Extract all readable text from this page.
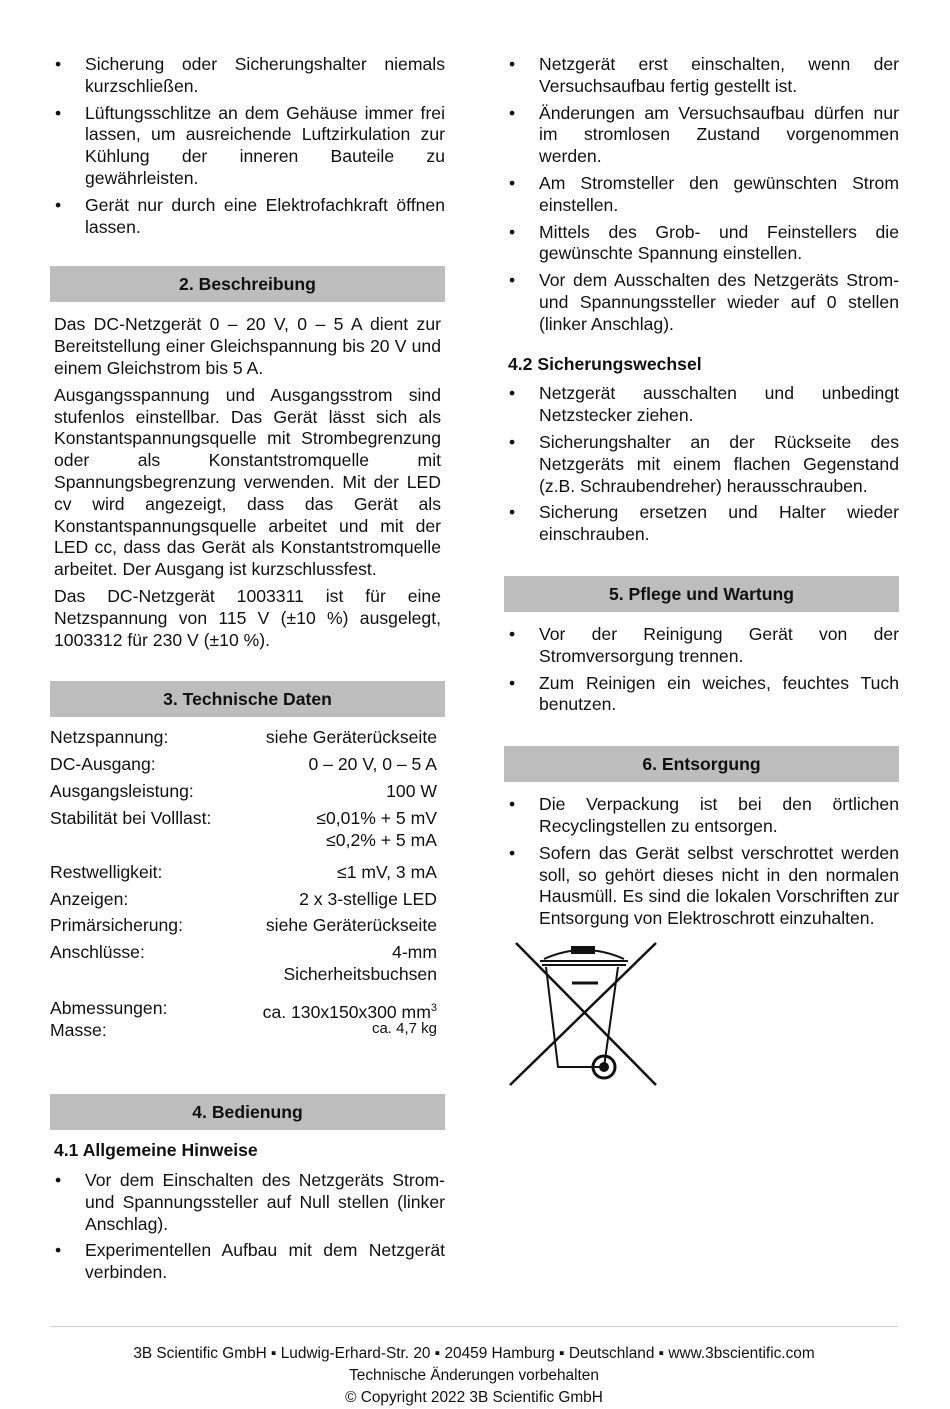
• Sicherung oder Sicherungshalter niemals kurzschließen.
• Lüftungsschlitze an dem Gehäuse immer frei lassen, um ausreichende Luftzirkulation zur Kühlung der inneren Bauteile zu gewährleisten.
• Gerät nur durch eine Elektrofachkraft öffnen lassen.
2. Beschreibung

Das DC-Netzgerät 0 – 20 V, 0 – 5 A dient zur Bereitstellung einer Gleichspannung bis 20 V und einem Gleichstrom bis 5 A.

Ausgangsspannung und Ausgangsstrom sind stufenlos einstellbar. Das Gerät lässt sich als Konstantspannungsquelle mit Strombegrenzung oder als Konstantstromquelle mit Spannungsbegrenzung verwenden. Mit der LED cv wird angezeigt, dass das Gerät als Konstantspannungsquelle arbeitet und mit der LED cc, dass das Gerät als Konstantstromquelle arbeitet. Der Ausgang ist kurzschlussfest.

Das DC-Netzgerät 1003311 ist für eine Netzspannung von 115 V (±10 %) ausgelegt, 1003312 für 230 V (±10 %).

3. Technische Daten
Netzspannung:	siehe Geräterückseite

DC-Ausgang:	0 – 20 V, 0 – 5 A

Ausgangsleistung:	100 W

Stabilität bei Volllast:	≤0,01% + 5 mV
≤0,2% + 5 mA

Restwelligkeit:	≤1 mV, 3 mA

Anzeigen:	2 x 3-stellige LED

Primärsicherung:	siehe Geräterückseite

Anschlüsse:	4-mm
Sicherheitsbuchsen
Abmessungen:	ca. 130x150x300 $mm^3$
Masse:	ca. 4,7 kg
4. Bedienung
4.1 Allgemeine Hinweise
• Vor dem Einschalten des Netzgeräts Strom- und Spannungssteller auf Null stellen (linker Anschlag).
• Experimentellen Aufbau mit dem Netzgerät verbinden.
• Netzgerät erst einschalten, wenn der Versuchsaufbau fertig gestellt ist.
• Änderungen am Versuchsaufbau dürfen nur im stromlosen Zustand vorgenommen werden.
• Am Stromsteller den gewünschten Strom einstellen.
• Mittels des Grob- und Feinstellers die gewünschte Spannung einstellen.
• Vor dem Ausschalten des Netzgeräts Strom- und Spannungssteller wieder auf 0 stellen (linker Anschlag).
4.2 Sicherungswechsel
• Netzgerät ausschalten und unbedingt Netzstecker ziehen.
• Sicherungshalter an der Rückseite des Netzgeräts mit einem flachen Gegenstand (z.B. Schraubendreher) herausschrauben.
• Sicherung ersetzen und Halter wieder einschrauben.
5. Pflege und Wartung
• Vor der Reinigung Gerät von der Stromversorgung trennen.
• Zum Reinigen ein weiches, feuchtes Tuch benutzen.
6. Entsorgung
• Die Verpackung ist bei den örtlichen Recyclingstellen zu entsorgen.
• Sofern das Gerät selbst verschrottet werden soll, so gehört dieses nicht in den normalen Hausmüll. Es sind die lokalen Vorschriften zur Entsorgung von Elektroschrott einzuhalten.
3B Scientific GmbH ▪ Ludwig-Erhard-Str. 20 ▪ 20459 Hamburg ▪ Deutschland ▪ www.3bscientific.com
Technische Änderungen vorbehalten
© Copyright 2022 3B Scientific GmbH
